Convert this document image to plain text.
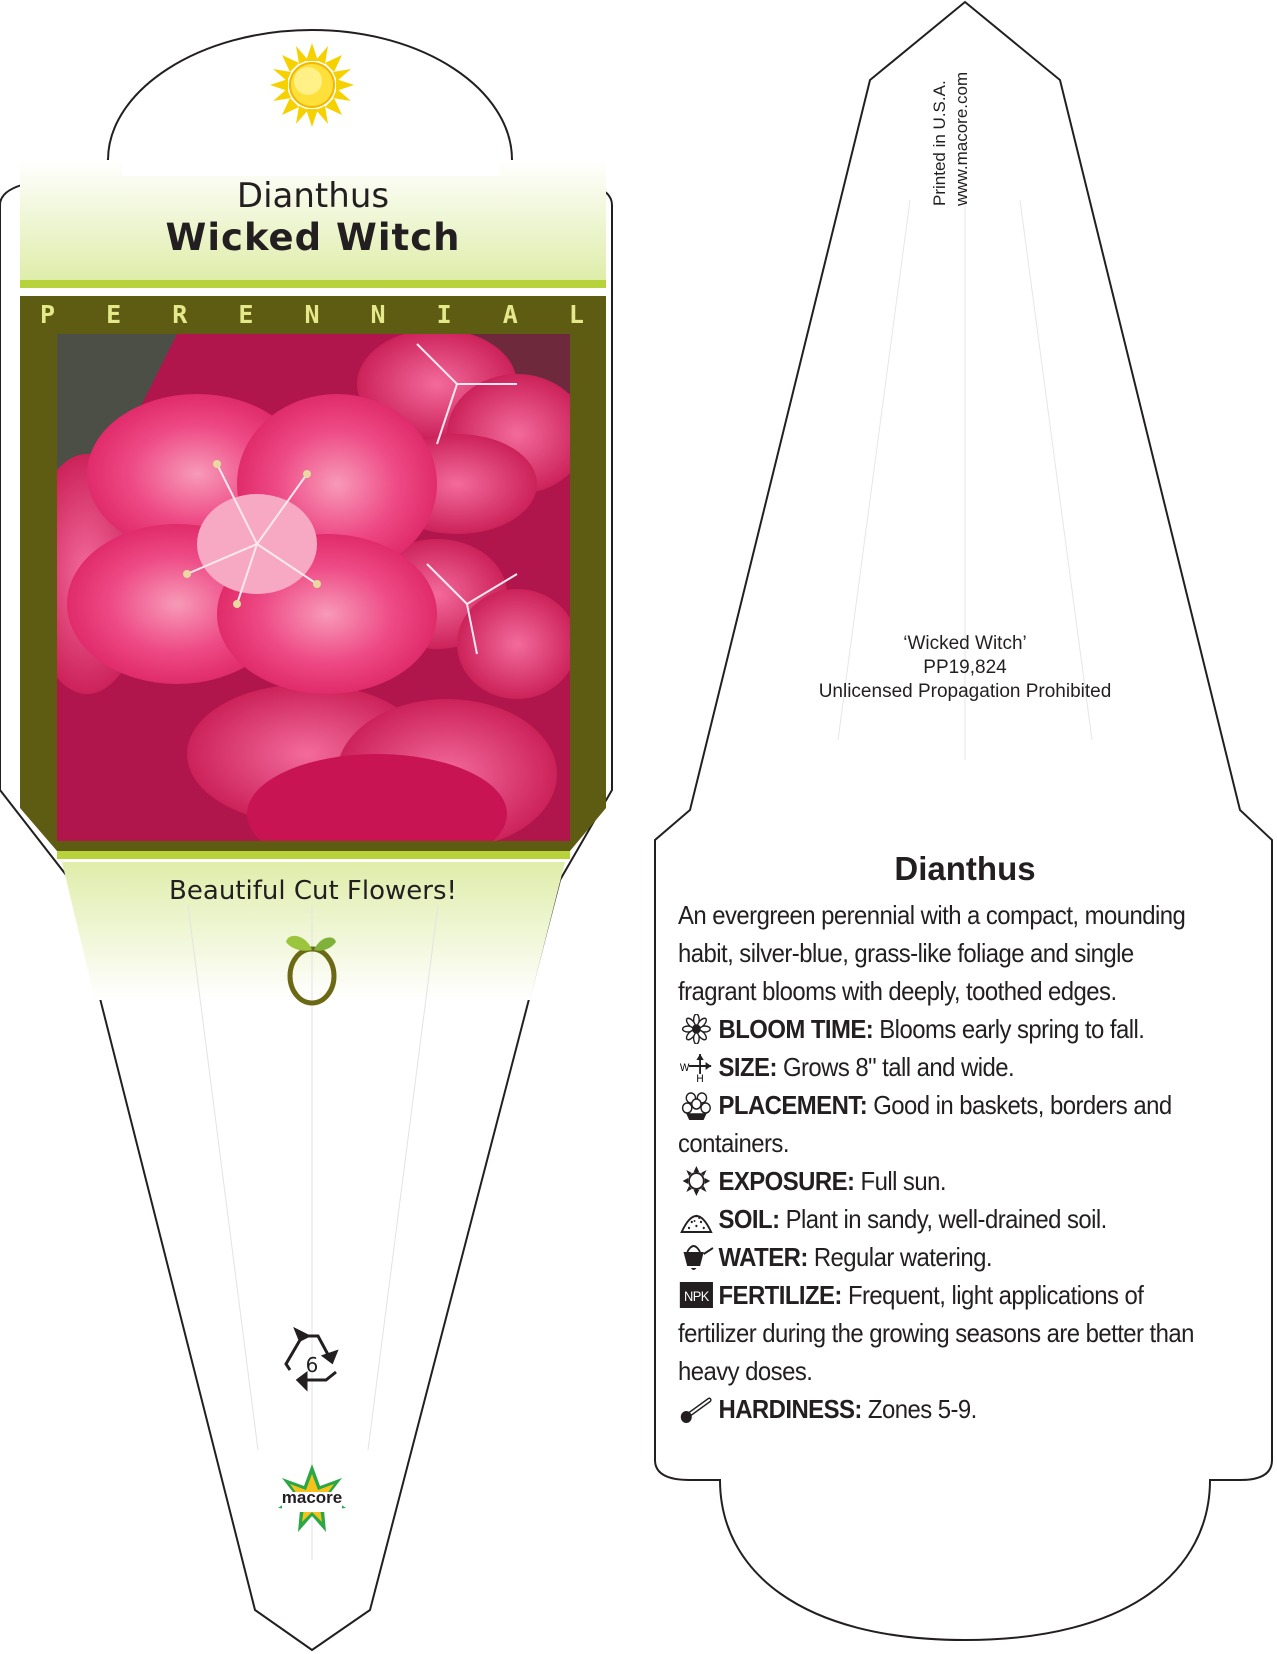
Dianthus
Wicked Witch
P E R E N N I A L
Beautiful Cut Flowers!
6
macore
Printed in U.S.A. www.macore.com
‘Wicked Witch’
PP19,824
Unlicensed Propagation Prohibited
Dianthus

An evergreen perennial with a compact, mounding habit, silver-blue, grass-like foliage and single fragrant blooms with deeply, toothed edges.

BLOOM TIME: Blooms early spring to fall.
W
H SIZE: Grows 8" tall and wide.
PLACEMENT: Good in baskets, borders and containers.
EXPOSURE: Full sun.
SOIL: Plant in sandy, well-drained soil.
WATER: Regular watering.
NPK FERTILIZE: Frequent, light applications of fertilizer during the growing seasons are better than heavy doses.
HARDINESS: Zones 5-9.
